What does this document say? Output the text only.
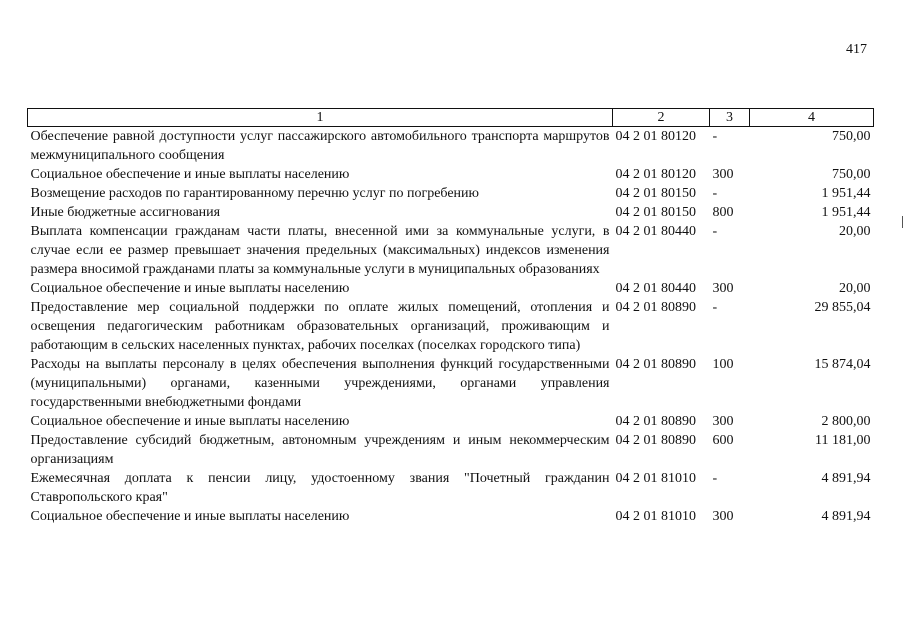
417
1	2	3	4
Обеспечение равной доступности услуг пассажирского автомобильного транспорта маршрутов межмуниципального сообщения	04 2 01 80120	-	750,00
Социальное обеспечение и иные выплаты населению	04 2 01 80120	300	750,00
Возмещение расходов по гарантированному перечню услуг по погребению	04 2 01 80150	-	1 951,44
Иные бюджетные ассигнования	04 2 01 80150	800	1 951,44
Выплата компенсации гражданам части платы, внесенной ими за коммунальные услуги, в случае если ее размер превышает значения предельных (максимальных) индексов изменения размера вносимой гражданами платы за коммунальные услуги в муниципальных образованиях	04 2 01 80440	-	20,00
Социальное обеспечение и иные выплаты населению	04 2 01 80440	300	20,00
Предоставление мер социальной поддержки по оплате жилых помещений, отопления и освещения педагогическим работникам образовательных организаций, проживающим и работающим в сельских населенных пунктах, рабочих поселках (поселках городского типа)	04 2 01 80890	-	29 855,04
Расходы на выплаты персоналу в целях обеспечения выполнения функций государственными (муниципальными) органами, казенными учреждениями, органами управления государственными внебюджетными фондами	04 2 01 80890	100	15 874,04
Социальное обеспечение и иные выплаты населению	04 2 01 80890	300	2 800,00
Предоставление субсидий бюджетным, автономным учреждениям и иным некоммерческим организациям	04 2 01 80890	600	11 181,00
Ежемесячная доплата к пенсии лицу, удостоенному звания "Почетный гражданин Ставропольского края"	04 2 01 81010	-	4 891,94
Социальное обеспечение и иные выплаты населению	04 2 01 81010	300	4 891,94
